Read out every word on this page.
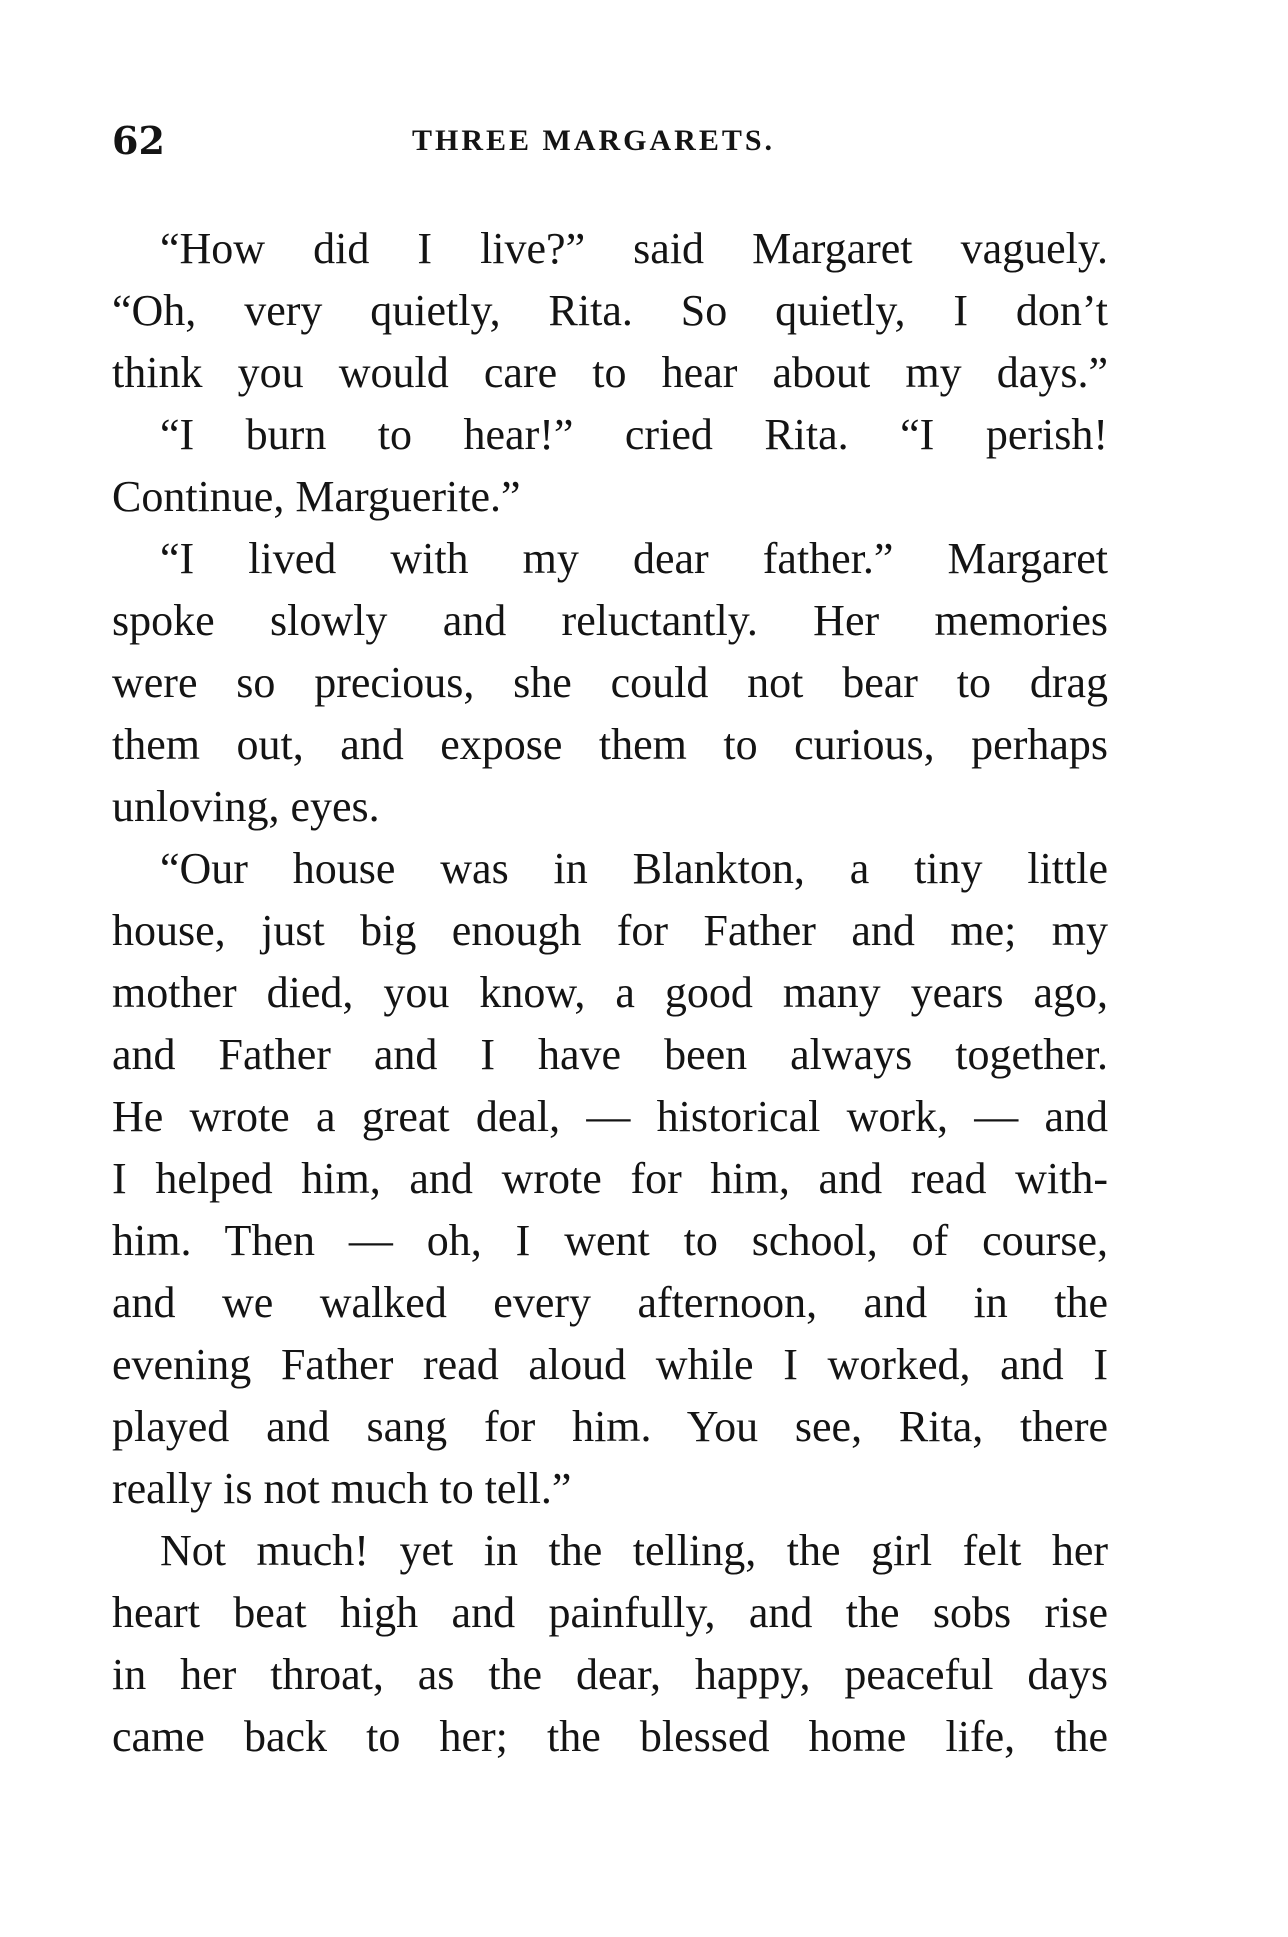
62	THREE MARGARETS.
“How did I live?” said Margaret vaguely.
“Oh, very quietly, Rita. So quietly, I don’t
think you would care to hear about my days.”
“I burn to hear!” cried Rita. “I perish!
Continue, Marguerite.”
“I lived with my dear father.” Margaret
spoke slowly and reluctantly. Her memories
were so precious, she could not bear to drag
them out, and expose them to curious, perhaps
unloving, eyes.
“Our house was in Blankton, a tiny little
house, just big enough for Father and me; my
mother died, you know, a good many years ago,
and Father and I have been always together.
He wrote a great deal, — historical work, — and
I helped him, and wrote for him, and read with-
him. Then — oh, I went to school, of course,
and we walked every afternoon, and in the
evening Father read aloud while I worked, and I
played and sang for him. You see, Rita, there
really is not much to tell.”
Not much! yet in the telling, the girl felt her
heart beat high and painfully, and the sobs rise
in her throat, as the dear, happy, peaceful days
came back to her; the blessed home life, the
